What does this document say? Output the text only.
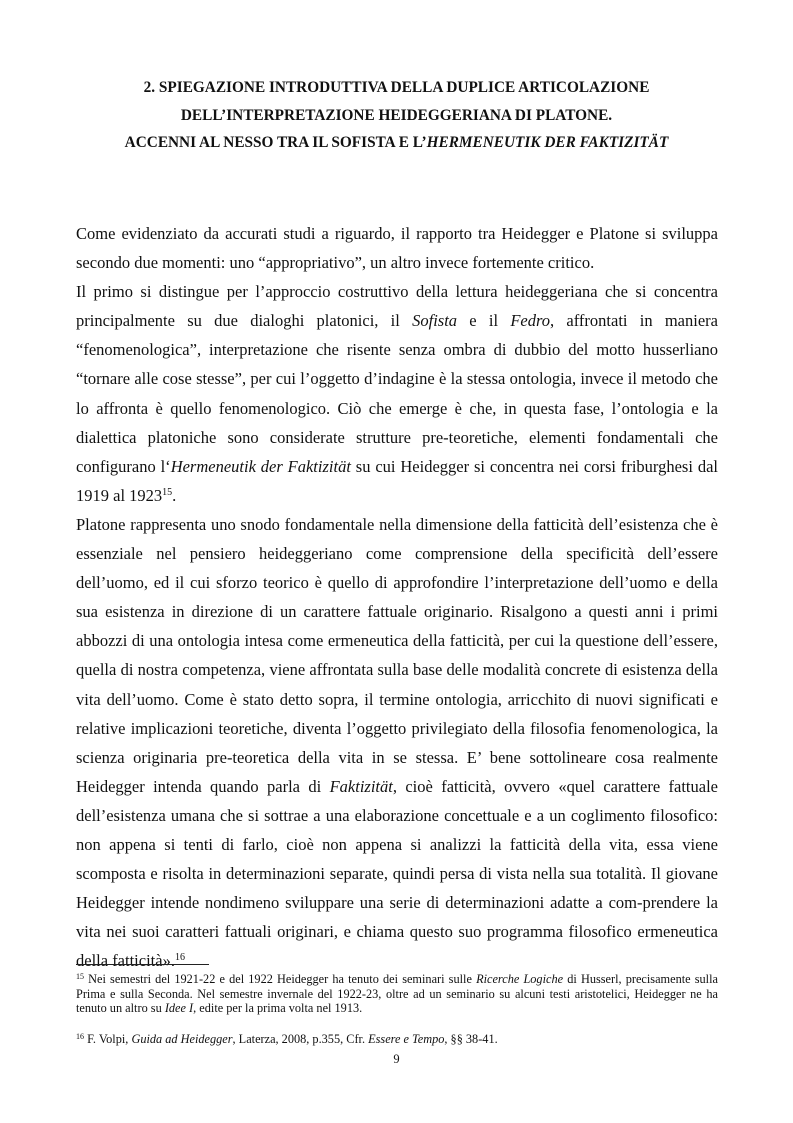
2. SPIEGAZIONE INTRODUTTIVA DELLA DUPLICE ARTICOLAZIONE
DELL’INTERPRETAZIONE HEIDEGGERIANA DI PLATONE.
ACCENNI AL NESSO TRA IL SOFISTA E L’HERMENEUTIK DER FAKTIZITÄT

Come evidenziato da accurati studi a riguardo, il rapporto tra Heidegger e Platone si sviluppa secondo due momenti: uno “appropriativo”, un altro invece fortemente critico.

Il primo si distingue per l’approccio costruttivo della lettura heideggeriana che si concentra principalmente su due dialoghi platonici, il Sofista e il Fedro, affrontati in maniera “fenomenologica”, interpretazione che risente senza ombra di dubbio del motto husserliano “tornare alle cose stesse”, per cui l’oggetto d’indagine è la stessa ontologia, invece il metodo che lo affronta è quello fenomenologico. Ciò che emerge è che, in questa fase, l’ontologia e la dialettica platoniche sono considerate strutture pre-teoretiche, elementi fondamentali che configurano l‘Hermeneutik der Faktizität su cui Heidegger si concentra nei corsi friburghesi dal 1919 al 1923$^{15}$.

Platone rappresenta uno snodo fondamentale nella dimensione della fatticità dell’esistenza che è essenziale nel pensiero heideggeriano come comprensione della specificità dell’essere dell’uomo, ed il cui sforzo teorico è quello di approfondire l’interpretazione dell’uomo e della sua esistenza in direzione di un carattere fattuale originario. Risalgono a questi anni i primi abbozzi di una ontologia intesa come ermeneutica della fatticità, per cui la questione dell’essere, quella di nostra competenza, viene affrontata sulla base delle modalità concrete di esistenza della vita dell’uomo. Come è stato detto sopra, il termine ontologia, arricchito di nuovi significati e relative implicazioni teoretiche, diventa l’oggetto privilegiato della filosofia fenomenologica, la scienza originaria pre-teoretica della vita in se stessa. E’ bene sottolineare cosa realmente Heidegger intenda quando parla di Faktizität, cioè fatticità, ovvero «quel carattere fattuale dell’esistenza umana che si sottrae a una elaborazione concettuale e a un coglimento filosofico: non appena si tenti di farlo, cioè non appena si analizzi la fatticità della vita, essa viene scomposta e risolta in determinazioni separate, quindi persa di vista nella sua totalità. Il giovane Heidegger intende nondimeno sviluppare una serie di determinazioni adatte a com-prendere la vita nei suoi caratteri fattuali originari, e chiama questo suo programma filosofico ermeneutica della fatticità».$^{16}$

$^{15}$ Nei semestri del 1921-22 e del 1922 Heidegger ha tenuto dei seminari sulle Ricerche Logiche di Husserl, precisamente sulla Prima e sulla Seconda. Nel semestre invernale del 1922-23, oltre ad un seminario su alcuni testi aristotelici, Heidegger ne ha tenuto un altro su Idee I, edite per la prima volta nel 1913.
$^{16}$ F. Volpi, Guida ad Heidegger, Laterza, 2008, p.355, Cfr. Essere e Tempo, §§ 38-41.
9
